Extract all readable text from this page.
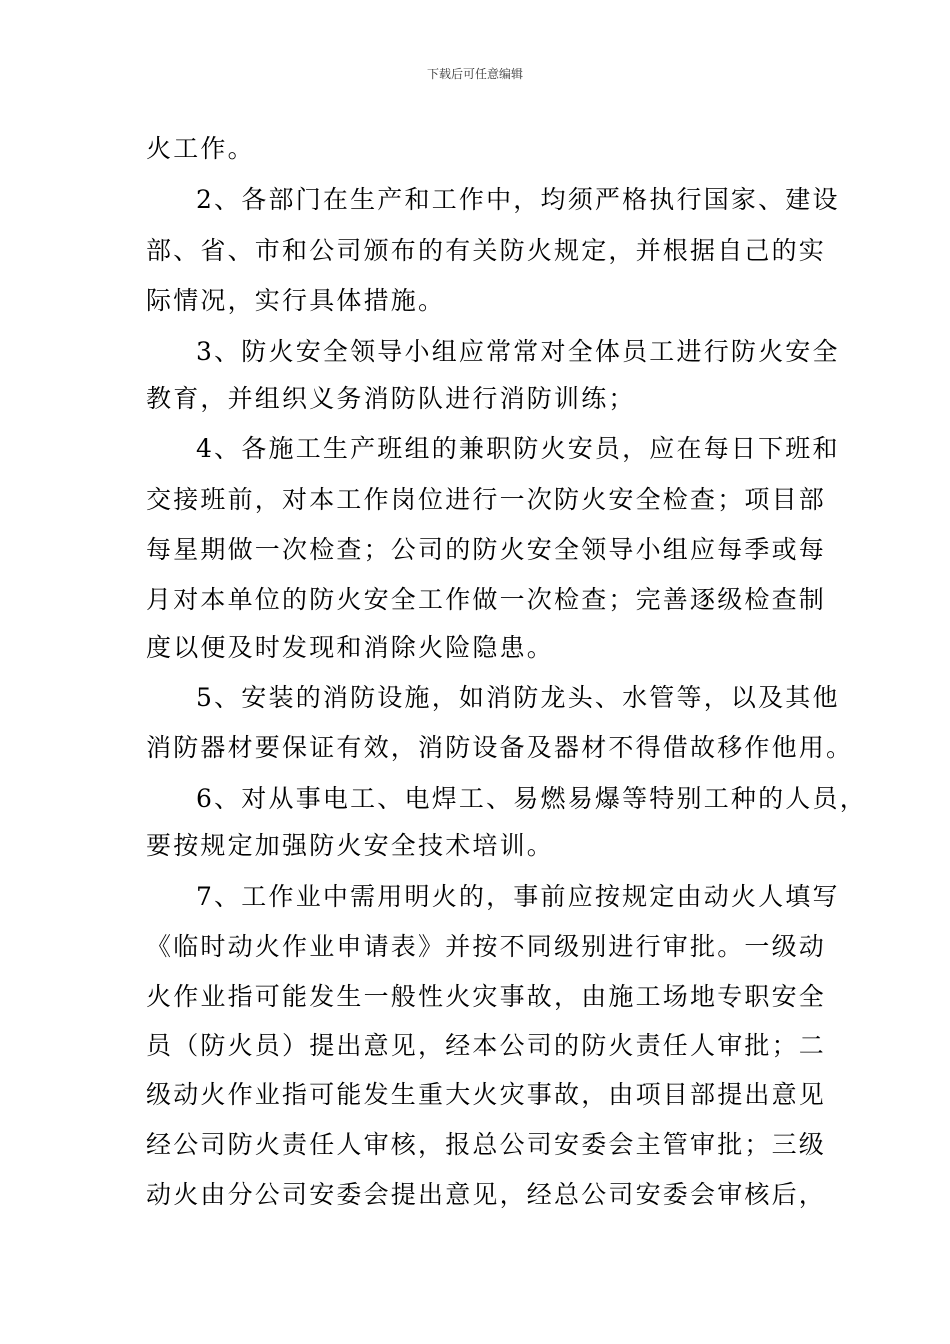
下载后可任意编辑
火工作。
2、各部门在生产和工作中，均须严格执行国家、建设
部、省、市和公司颁布的有关防火规定，并根据自己的实
际情况，实行具体措施。
3、防火安全领导小组应常常对全体员工进行防火安全
教育，并组织义务消防队进行消防训练；
4、各施工生产班组的兼职防火安员，应在每日下班和
交接班前，对本工作岗位进行一次防火安全检查；项目部
每星期做一次检查；公司的防火安全领导小组应每季或每
月对本单位的防火安全工作做一次检查；完善逐级检查制
度以便及时发现和消除火险隐患。
5、安装的消防设施，如消防龙头、水管等，以及其他
消防器材要保证有效，消防设备及器材不得借故移作他用。
6、对从事电工、电焊工、易燃易爆等特别工种的人员，
要按规定加强防火安全技术培训。
7、工作业中需用明火的，事前应按规定由动火人填写
《临时动火作业申请表》并按不同级别进行审批。一级动
火作业指可能发生一般性火灾事故，由施工场地专职安全
员（防火员）提出意见，经本公司的防火责任人审批；二
级动火作业指可能发生重大火灾事故，由项目部提出意见
经公司防火责任人审核，报总公司安委会主管审批；三级
动火由分公司安委会提出意见，经总公司安委会审核后，
